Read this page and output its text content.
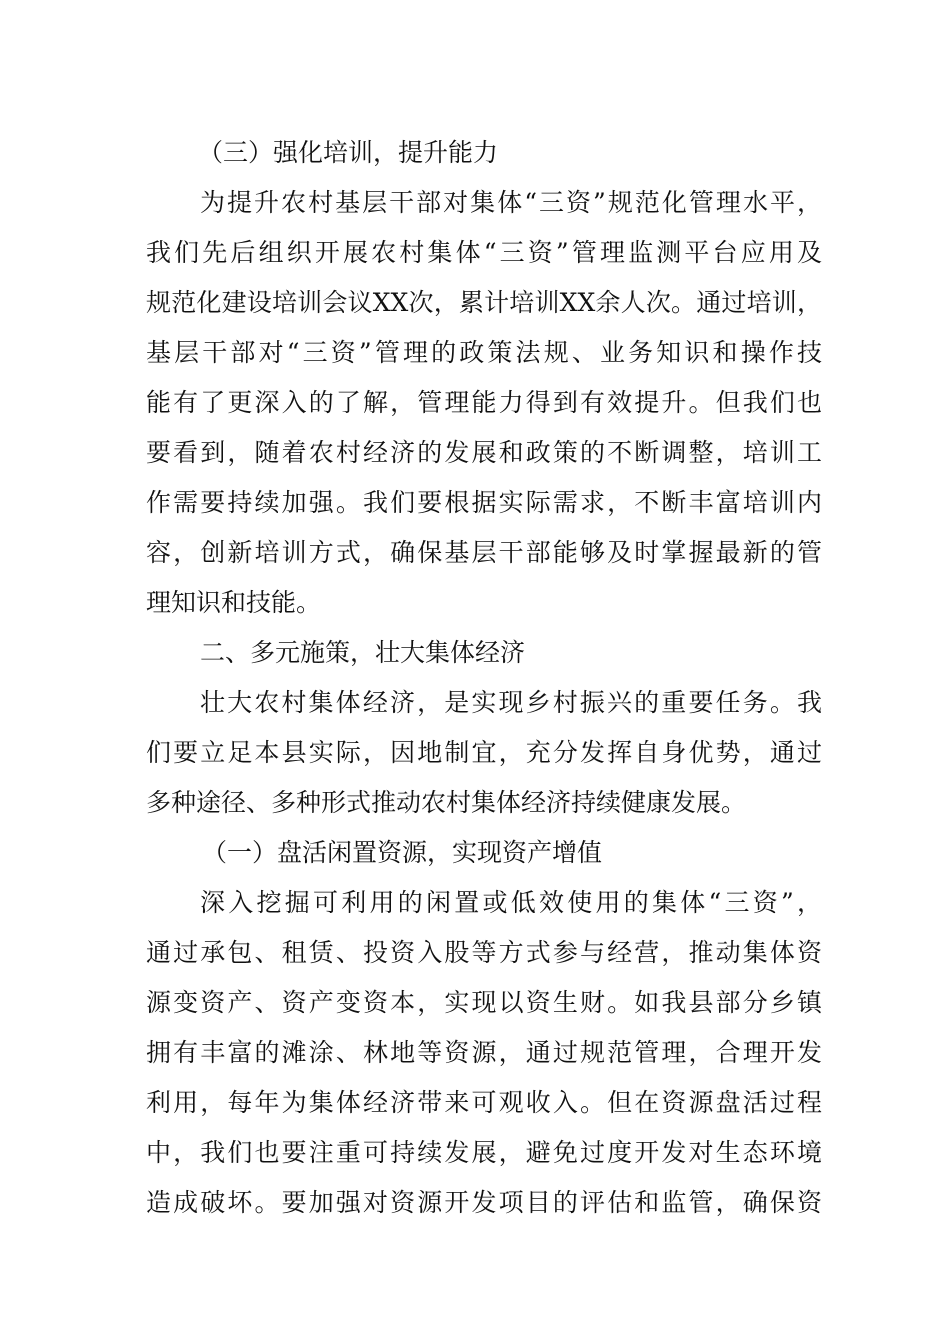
（三）强化培训，提升能力
为提升农村基层干部对集体“三资”规范化管理水平，
我们先后组织开展农村集体“三资”管理监测平台应用及
规范化建设培训会议XX次，累计培训XX余人次。通过培训，
基层干部对“三资”管理的政策法规、业务知识和操作技
能有了更深入的了解，管理能力得到有效提升。但我们也
要看到，随着农村经济的发展和政策的不断调整，培训工
作需要持续加强。我们要根据实际需求，不断丰富培训内
容，创新培训方式，确保基层干部能够及时掌握最新的管
理知识和技能。
二、多元施策，壮大集体经济
壮大农村集体经济，是实现乡村振兴的重要任务。我
们要立足本县实际，因地制宜，充分发挥自身优势，通过
多种途径、多种形式推动农村集体经济持续健康发展。
（一）盘活闲置资源，实现资产增值
深入挖掘可利用的闲置或低效使用的集体“三资”，
通过承包、租赁、投资入股等方式参与经营，推动集体资
源变资产、资产变资本，实现以资生财。如我县部分乡镇
拥有丰富的滩涂、林地等资源，通过规范管理，合理开发
利用，每年为集体经济带来可观收入。但在资源盘活过程
中，我们也要注重可持续发展，避免过度开发对生态环境
造成破坏。要加强对资源开发项目的评估和监管，确保资
